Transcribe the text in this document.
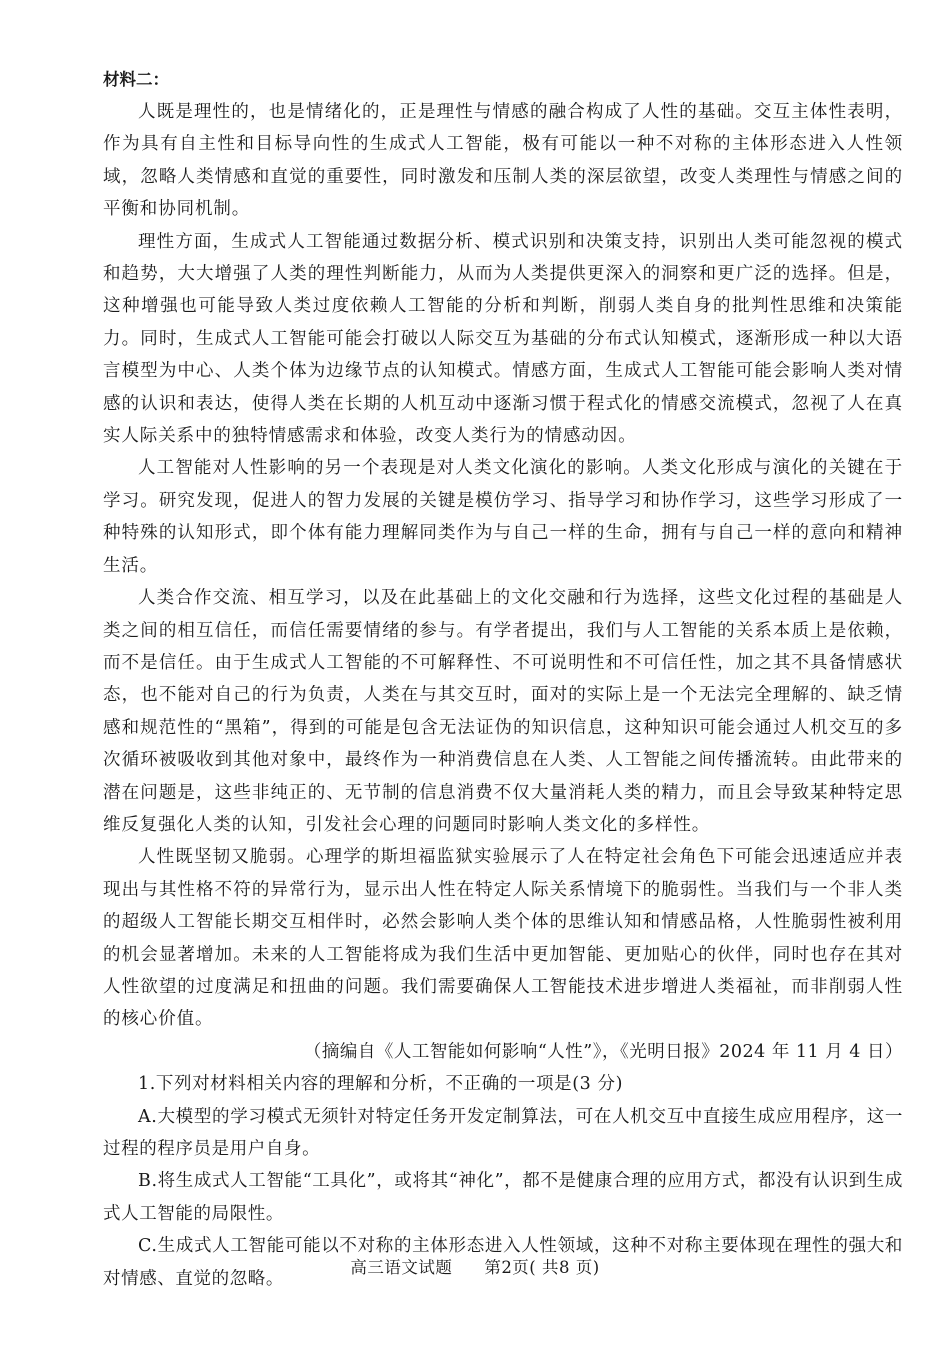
材料二：

人既是理性的，也是情绪化的，正是理性与情感的融合构成了人性的基础。交互主体性表明，作为具有自主性和目标导向性的生成式人工智能，极有可能以一种不对称的主体形态进入人性领域，忽略人类情感和直觉的重要性，同时激发和压制人类的深层欲望，改变人类理性与情感之间的平衡和协同机制。

理性方面，生成式人工智能通过数据分析、模式识别和决策支持，识别出人类可能忽视的模式和趋势，大大增强了人类的理性判断能力，从而为人类提供更深入的洞察和更广泛的选择。但是，这种增强也可能导致人类过度依赖人工智能的分析和判断，削弱人类自身的批判性思维和决策能力。同时，生成式人工智能可能会打破以人际交互为基础的分布式认知模式，逐渐形成一种以大语言模型为中心、人类个体为边缘节点的认知模式。情感方面，生成式人工智能可能会影响人类对情感的认识和表达，使得人类在长期的人机互动中逐渐习惯于程式化的情感交流模式，忽视了人在真实人际关系中的独特情感需求和体验，改变人类行为的情感动因。

人工智能对人性影响的另一个表现是对人类文化演化的影响。人类文化形成与演化的关键在于学习。研究发现，促进人的智力发展的关键是模仿学习、指导学习和协作学习，这些学习形成了一种特殊的认知形式，即个体有能力理解同类作为与自己一样的生命，拥有与自己一样的意向和精神生活。

人类合作交流、相互学习，以及在此基础上的文化交融和行为选择，这些文化过程的基础是人类之间的相互信任，而信任需要情绪的参与。有学者提出，我们与人工智能的关系本质上是依赖，而不是信任。由于生成式人工智能的不可解释性、不可说明性和不可信任性，加之其不具备情感状态，也不能对自己的行为负责，人类在与其交互时，面对的实际上是一个无法完全理解的、缺乏情感和规范性的“黑箱”，得到的可能是包含无法证伪的知识信息，这种知识可能会通过人机交互的多次循环被吸收到其他对象中，最终作为一种消费信息在人类、人工智能之间传播流转。由此带来的潜在问题是，这些非纯正的、无节制的信息消费不仅大量消耗人类的精力，而且会导致某种特定思维反复强化人类的认知，引发社会心理的问题同时影响人类文化的多样性。

人性既坚韧又脆弱。心理学的斯坦福监狱实验展示了人在特定社会角色下可能会迅速适应并表现出与其性格不符的异常行为，显示出人性在特定人际关系情境下的脆弱性。当我们与一个非人类的超级人工智能长期交互相伴时，必然会影响人类个体的思维认知和情感品格，人性脆弱性被利用的机会显著增加。未来的人工智能将成为我们生活中更加智能、更加贴心的伙伴，同时也存在其对人性欲望的过度满足和扭曲的问题。我们需要确保人工智能技术进步增进人类福祉，而非削弱人性的核心价值。

（摘编自《人工智能如何影响“人性”》，《光明日报》2024 年 11 月 4 日）

1.下列对材料相关内容的理解和分析，不正确的一项是(3 分)

A.大模型的学习模式无须针对特定任务开发定制算法，可在人机交互中直接生成应用程序，这一过程的程序员是用户自身。

B.将生成式人工智能“工具化”，或将其“神化”，都不是健康合理的应用方式，都没有认识到生成式人工智能的局限性。

C.生成式人工智能可能以不对称的主体形态进入人性领域，这种不对称主要体现在理性的强大和对情感、直觉的忽略。

高三语文试题 第2页( 共8 页)
